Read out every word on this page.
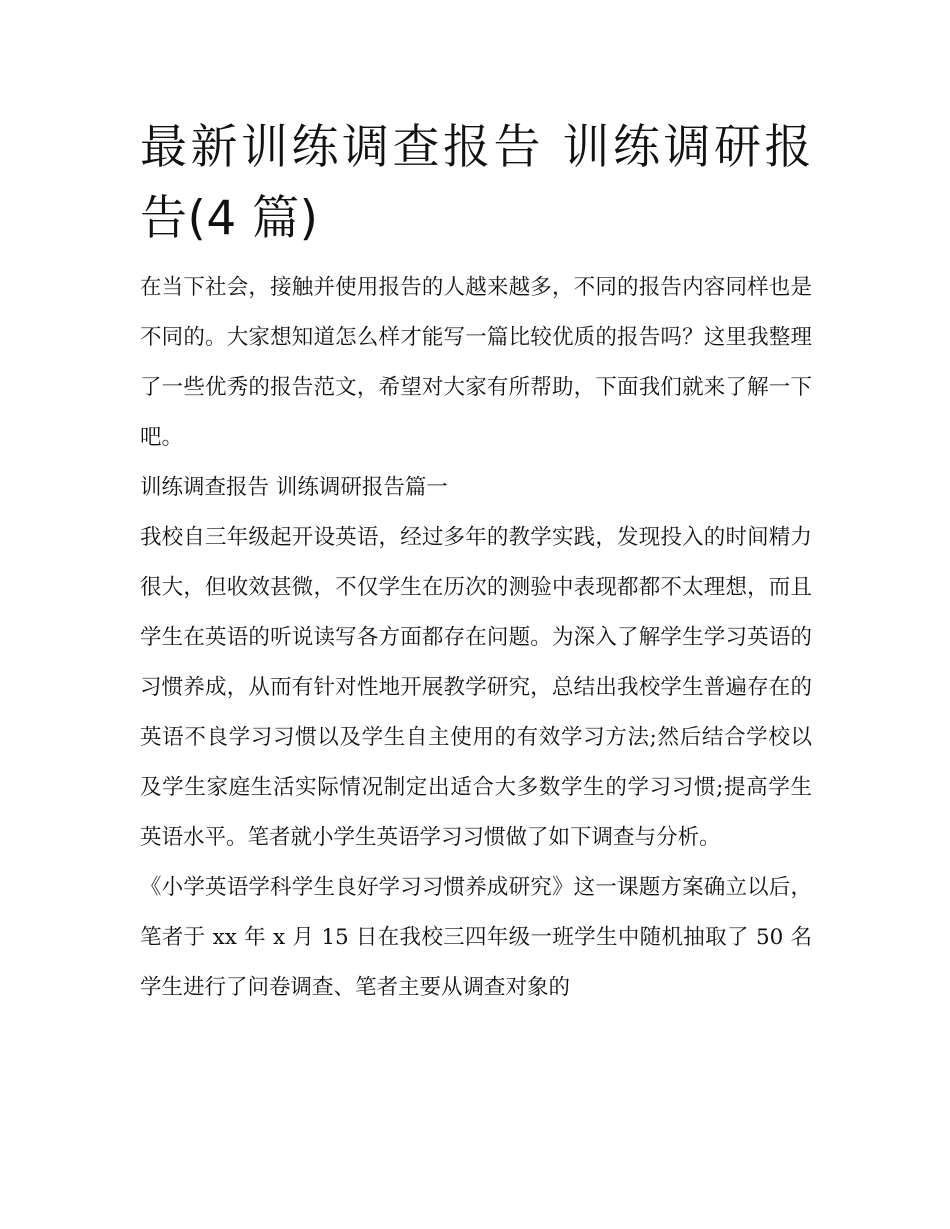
最新训练调查报告 训练调研报告(4 篇)

在当下社会，接触并使用报告的人越来越多，不同的报告内容同样也是不同的。大家想知道怎么样才能写一篇比较优质的报告吗？这里我整理了一些优秀的报告范文，希望对大家有所帮助，下面我们就来了解一下吧。

训练调查报告 训练调研报告篇一

我校自三年级起开设英语，经过多年的教学实践，发现投入的时间精力很大，但收效甚微，不仅学生在历次的测验中表现都都不太理想，而且学生在英语的听说读写各方面都存在问题。为深入了解学生学习英语的习惯养成，从而有针对性地开展教学研究，总结出我校学生普遍存在的英语不良学习习惯以及学生自主使用的有效学习方法;然后结合学校以及学生家庭生活实际情况制定出适合大多数学生的学习习惯;提高学生英语水平。笔者就小学生英语学习习惯做了如下调查与分析。

《小学英语学科学生良好学习习惯养成研究》这一课题方案确立以后，笔者于 xx 年 x 月 15 日在我校三四年级一班学生中随机抽取了 50 名学生进行了问卷调查、笔者主要从调查对象的
